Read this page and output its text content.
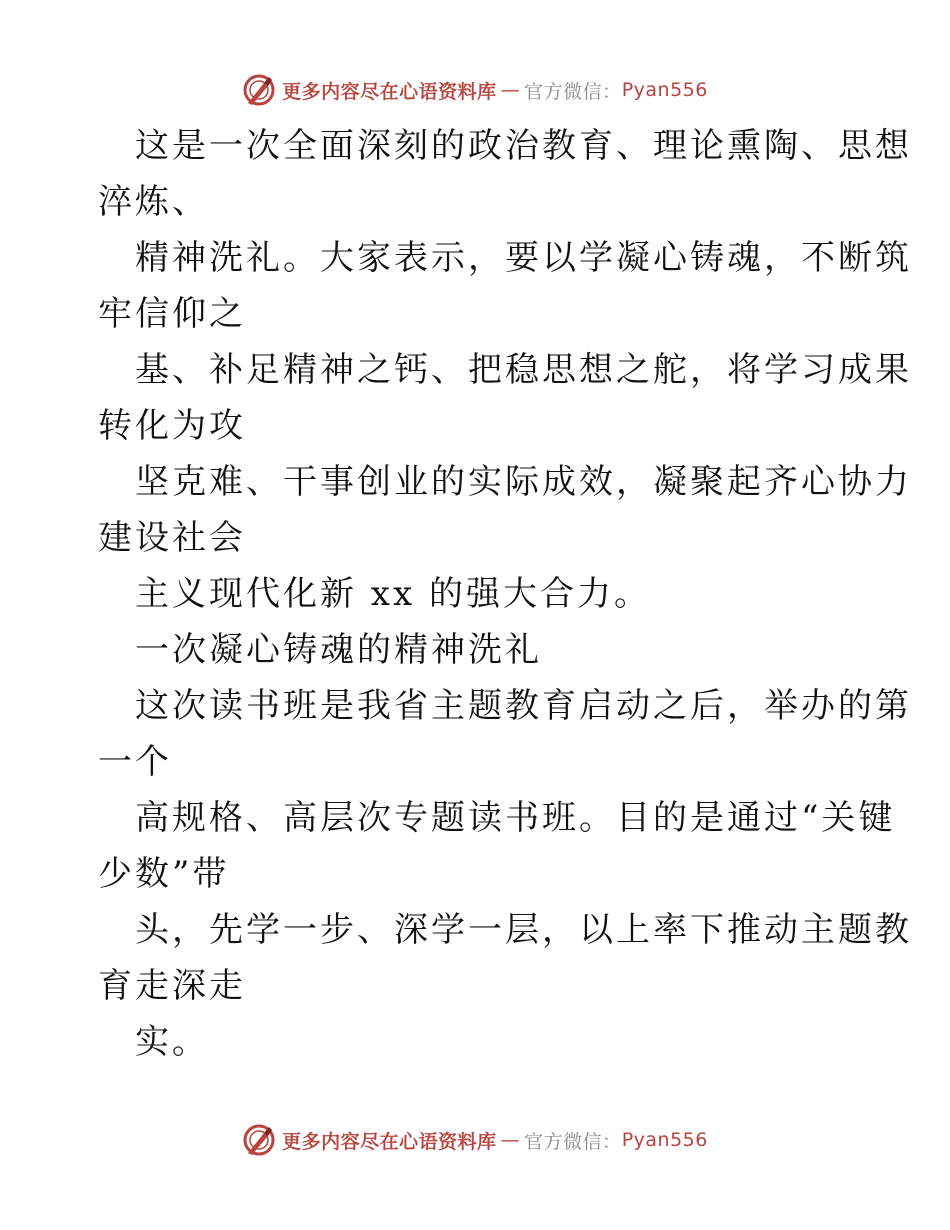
更多内容尽在心语资料库 — 官方微信： Pyan556
这是一次全面深刻的政治教育、理论熏陶、思想
淬炼、
精神洗礼。大家表示，要以学凝心铸魂，不断筑
牢信仰之
基、补足精神之钙、把稳思想之舵，将学习成果
转化为攻
坚克难、干事创业的实际成效，凝聚起齐心协力
建设社会
主义现代化新 xx 的强大合力。
一次凝心铸魂的精神洗礼
这次读书班是我省主题教育启动之后，举办的第
一个
高规格、高层次专题读书班。目的是通过“关键
少数”带
头，先学一步、深学一层，以上率下推动主题教
育走深走
实。
更多内容尽在心语资料库 — 官方微信： Pyan556
